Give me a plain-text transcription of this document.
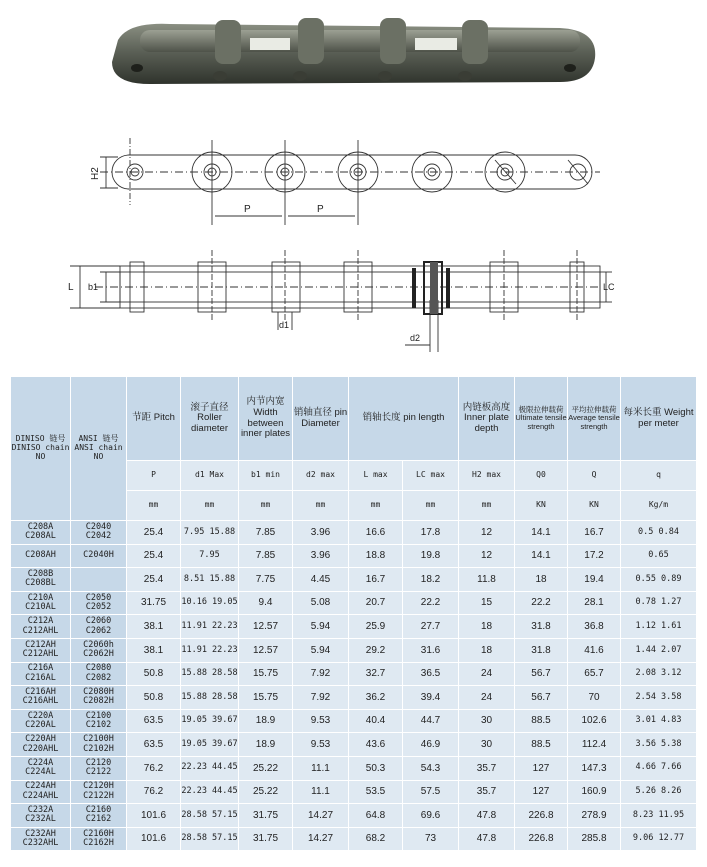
H2
P	P
L b1	LC
d1
d2
DINISO 链号 DINISO chain NO	ANSI 链号 ANSI chain NO	节距 Pitch	滚子直径 Roller diameter	内节内宽 Width between inner plates	销轴直径 pin Diameter	销轴长度 pin length		内链板高度 Inner plate depth	极限拉伸载荷 Ultimate tensile strength	平均拉伸载荷 Average tensile strength	每米长重 Weight per meter
		P	d1 Max	b1 min	d2 max	L max	LC max	H2 max	Q0	Q	q
		mm	mm	mm	mm	mm	mm	mm	KN	KN	Kg/m
C208A C208AL	C2040 C2042	25.4	7.95 15.88	7.85	3.96	16.6	17.8	12	14.1	16.7	0.5 0.84
C208AH	C2040H	25.4	7.95	7.85	3.96	18.8	19.8	12	14.1	17.2	0.65
C208B C208BL		25.4	8.51 15.88	7.75	4.45	16.7	18.2	11.8	18	19.4	0.55 0.89
C210A C210AL	C2050 C2052	31.75	10.16 19.05	9.4	5.08	20.7	22.2	15	22.2	28.1	0.78 1.27
C212A C212AHL	C2060 C2062	38.1	11.91 22.23	12.57	5.94	25.9	27.7	18	31.8	36.8	1.12 1.61
C212AH C212AHL	C2060h C2062H	38.1	11.91 22.23	12.57	5.94	29.2	31.6	18	31.8	41.6	1.44 2.07
C216A C216AL	C2080 C2082	50.8	15.88 28.58	15.75	7.92	32.7	36.5	24	56.7	65.7	2.08 3.12
C216AH C216AHL	C2080H C2082H	50.8	15.88 28.58	15.75	7.92	36.2	39.4	24	56.7	70	2.54 3.58
C220A C220AL	C2100 C2102	63.5	19.05 39.67	18.9	9.53	40.4	44.7	30	88.5	102.6	3.01 4.83
C220AH C220AHL	C2100H C2102H	63.5	19.05 39.67	18.9	9.53	43.6	46.9	30	88.5	112.4	3.56 5.38
C224A C224AL	C2120 C2122	76.2	22.23 44.45	25.22	11.1	50.3	54.3	35.7	127	147.3	4.66 7.66
C224AH C224AHL	C2120H C2122H	76.2	22.23 44.45	25.22	11.1	53.5	57.5	35.7	127	160.9	5.26 8.26
C232A C232AL	C2160 C2162	101.6	28.58 57.15	31.75	14.27	64.8	69.6	47.8	226.8	278.9	8.23 11.95
C232AH C232AHL	C2160H C2162H	101.6	28.58 57.15	31.75	14.27	68.2	73	47.8	226.8	285.8	9.06 12.77
